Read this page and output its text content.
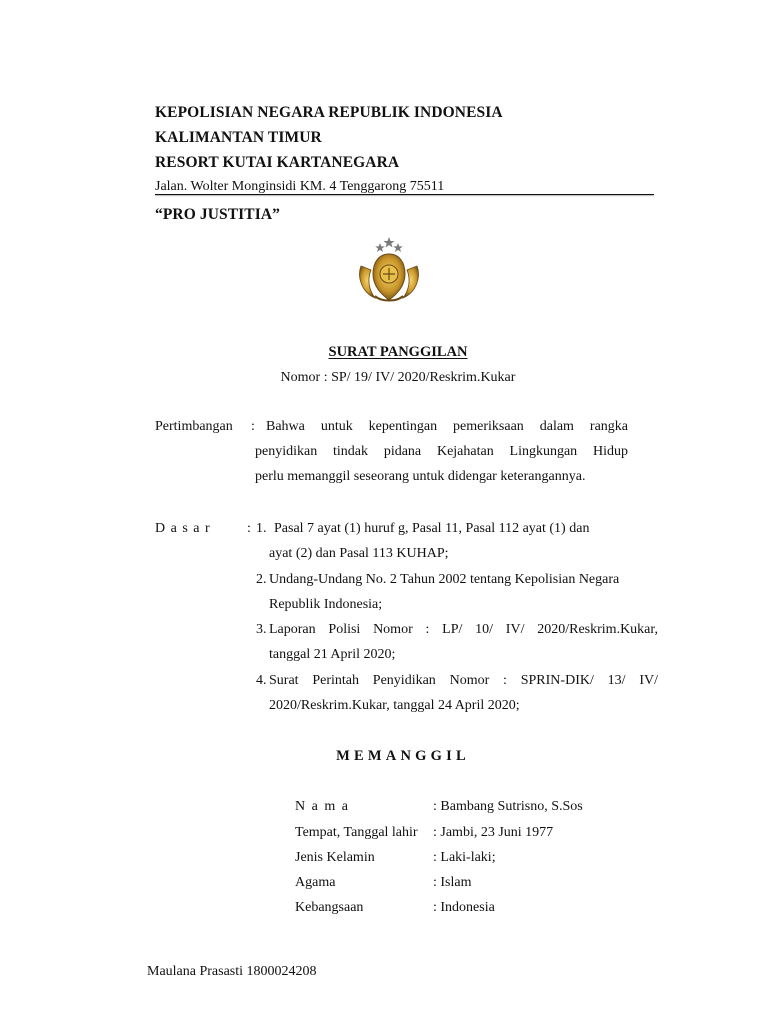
KEPOLISIAN NEGARA REPUBLIK INDONESIA
KALIMANTAN TIMUR
RESORT KUTAI KARTANEGARA
Jalan. Wolter Monginsidi KM. 4 Tenggarong 75511
“PRO JUSTITIA”
SURAT PANGGILAN
Nomor : SP/ 19/ IV/ 2020/Reskrim.Kukar
Pertimbangan : Bahwa untuk kepentingan pemeriksaan dalam rangka
penyidikan tindak pidana Kejahatan Lingkungan Hidup
perlu memanggil seseorang untuk didengar keterangannya.
D a s a r	: 1. Pasal 7 ayat (1) huruf g, Pasal 11, Pasal 112 ayat (1) dan
ayat (2) dan Pasal 113 KUHAP;
2. Undang-Undang No. 2 Tahun 2002 tentang Kepolisian Negara
Republik Indonesia;
3. Laporan Polisi Nomor : LP/ 10/ IV/ 2020/Reskrim.Kukar,
tanggal 21 April 2020;
4. Surat Perintah Penyidikan Nomor : SPRIN-DIK/ 13/ IV/
2020/Reskrim.Kukar, tanggal 24 April 2020;
MEMANGGIL
N a m a	: Bambang Sutrisno, S.Sos
Tempat, Tanggal lahir : Jambi, 23 Juni 1977
Jenis Kelamin	: Laki-laki;
Agama	: Islam
Kebangsaan	: Indonesia
Maulana Prasasti 1800024208
